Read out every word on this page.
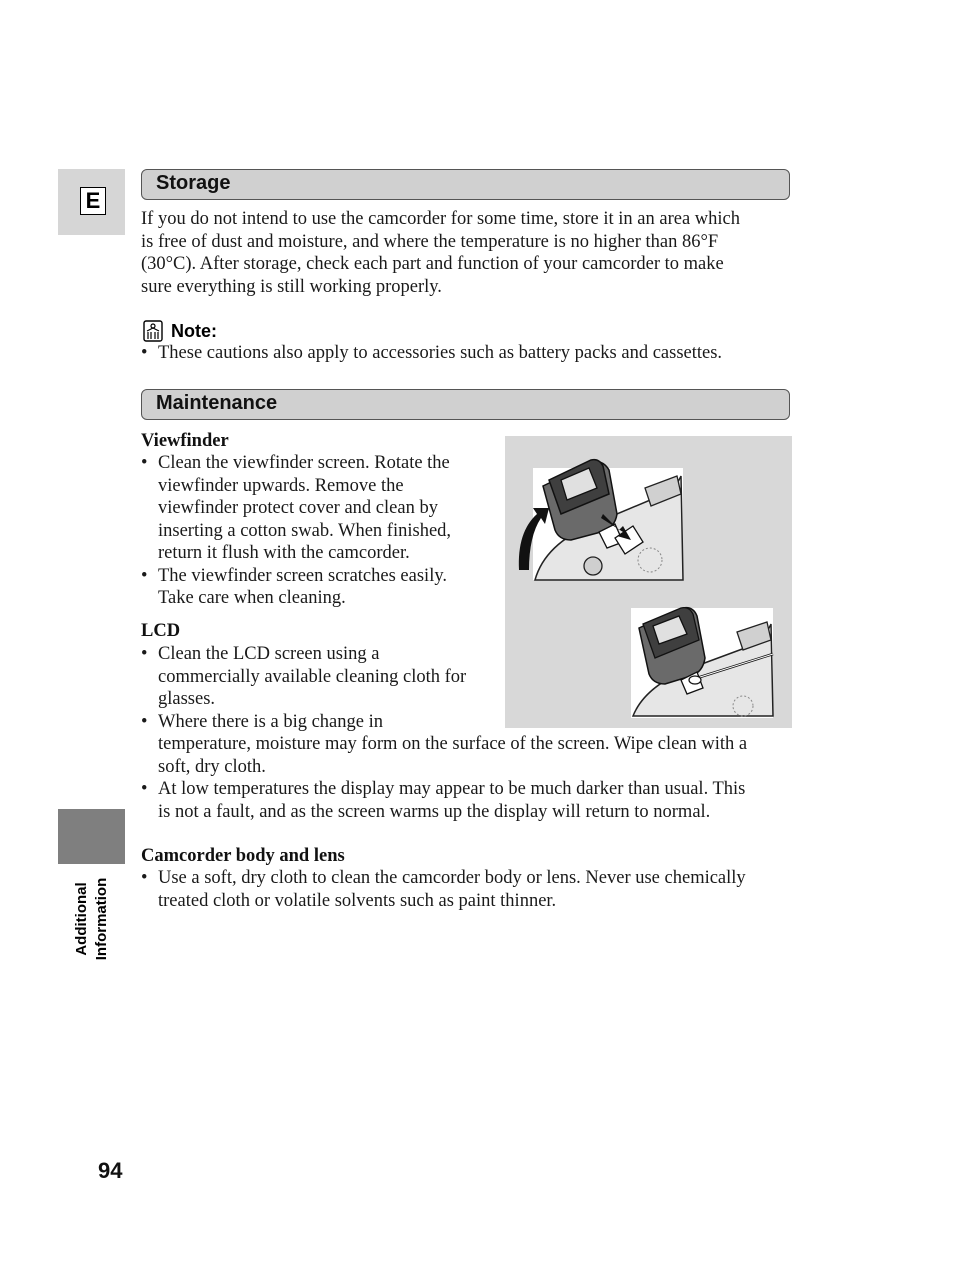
E
Additional Information
Storage
If you do not intend to use the camcorder for some time, store it in an area which
is free of dust and moisture, and where the temperature is no higher than 86°F
(30°C). After storage, check each part and function of your camcorder to make
sure everything is still working properly.
Note:
• These cautions also apply to accessories such as battery packs and cassettes.
Maintenance
Viewfinder
• Clean the viewfinder screen. Rotate the
viewfinder upwards. Remove the
viewfinder protect cover and clean by
inserting a cotton swab. When finished,
return it flush with the camcorder.
• The viewfinder screen scratches easily.
Take care when cleaning.
LCD
• Clean the LCD screen using a
commercially available cleaning cloth for
glasses.
• Where there is a big change in
temperature, moisture may form on the surface of the screen. Wipe clean with a
soft, dry cloth.
• At low temperatures the display may appear to be much darker than usual. This
is not a fault, and as the screen warms up the display will return to normal.
Camcorder body and lens
• Use a soft, dry cloth to clean the camcorder body or lens. Never use chemically
treated cloth or volatile solvents such as paint thinner.
94
